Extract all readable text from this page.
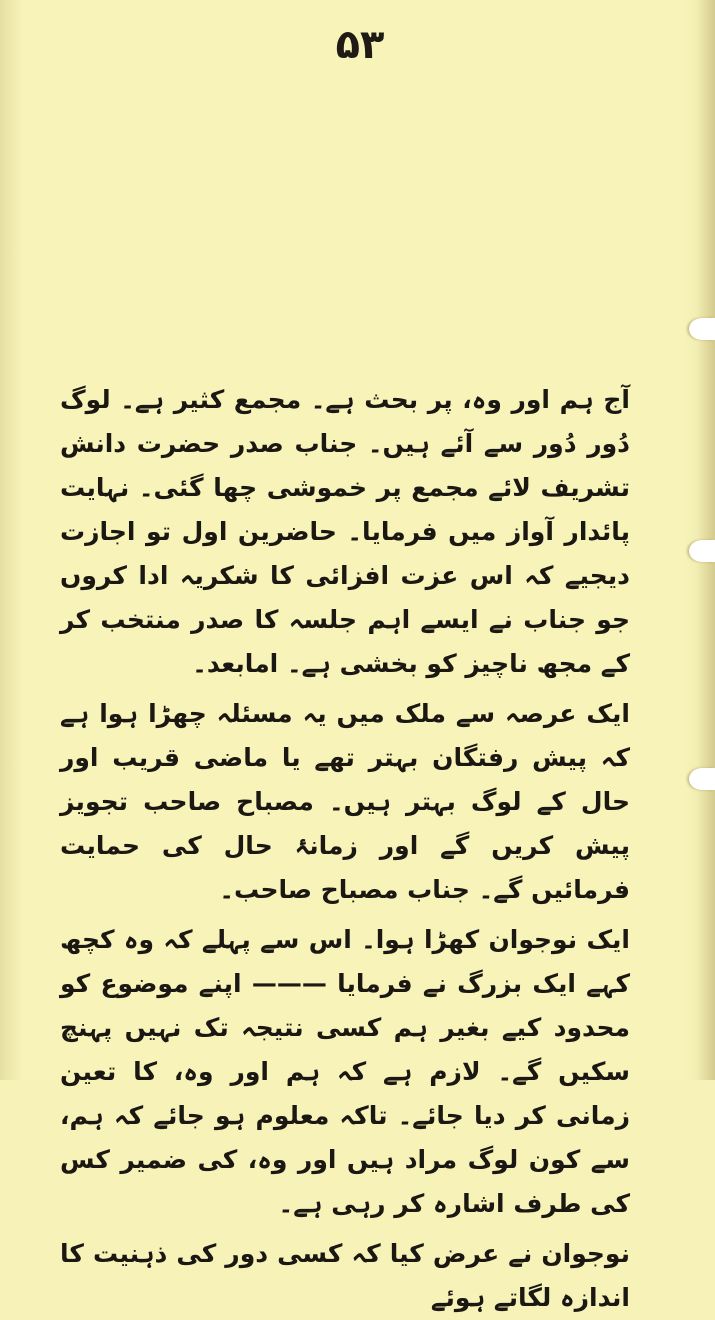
۵۳

آج ہم اور وہ، پر بحث ہے۔ مجمع کثیر ہے۔ لوگ دُور دُور سے آئے ہیں۔ جناب صدر حضرت دانش تشریف لائے مجمع پر خموشی چھا گئی۔ نہایت پائدار آواز میں فرمایا۔ حاضرین اول تو اجازت دیجیے کہ اس عزت افزائی کا شکریہ ادا کروں جو جناب نے ایسے اہم جلسہ کا صدر منتخب کر کے مجھ ناچیز کو بخشی ہے۔ امابعد۔

ایک عرصہ سے ملک میں یہ مسئلہ چھڑا ہوا ہے کہ پیش رفتگان بہتر تھے یا ماضی قریب اور حال کے لوگ بہتر ہیں۔ مصباح صاحب تجویز پیش کریں گے اور زمانۂ حال کی حمایت فرمائیں گے۔ جناب مصباح صاحب۔

ایک نوجوان کھڑا ہوا۔ اس سے پہلے کہ وہ کچھ کہے ایک بزرگ نے فرمایا ——— اپنے موضوع کو محدود کیے بغیر ہم کسی نتیجہ تک نہیں پہنچ سکیں گے۔ لازم ہے کہ ہم اور وہ، کا تعین زمانی کر دیا جائے۔ تاکہ معلوم ہو جائے کہ ہم، سے کون لوگ مراد ہیں اور وہ، کی ضمیر کس کی طرف اشارہ کر رہی ہے۔

نوجوان نے عرض کیا کہ کسی دور کی ذہنیت کا اندازہ لگاتے ہوئے
